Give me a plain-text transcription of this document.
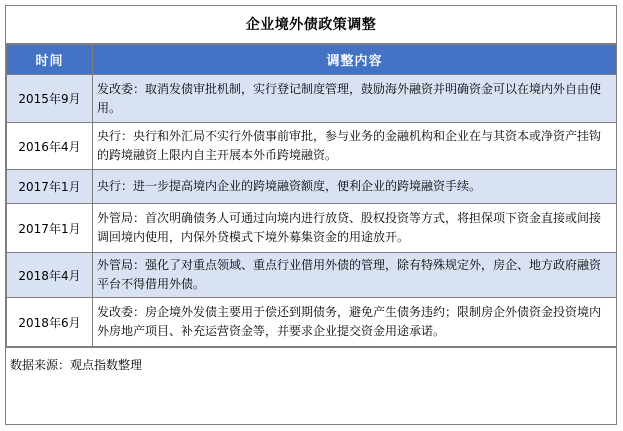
企业境外债政策调整
时间	调整内容
2015年9月	发改委：取消发债审批机制，实行登记制度管理，鼓励海外融资并明确资金可以在境内外自由使用。
2016年4月	央行：央行和外汇局不实行外债事前审批，参与业务的金融机构和企业在与其资本或净资产挂钩的跨境融资上限内自主开展本外币跨境融资。
2017年1月	央行：进一步提高境内企业的跨境融资额度，便利企业的跨境融资手续。
2017年1月	外管局：首次明确债务人可通过向境内进行放贷、股权投资等方式，将担保项下资金直接或间接调回境内使用，内保外贷模式下境外募集资金的用途放开。
2018年4月	外管局：强化了对重点领域、重点行业借用外债的管理，除有特殊规定外，房企、地方政府融资平台不得借用外债。
2018年6月	发改委：房企境外发债主要用于偿还到期债务，避免产生债务违约；限制房企外债资金投资境内外房地产项目、补充运营资金等，并要求企业提交资金用途承诺。
数据来源：观点指数整理
